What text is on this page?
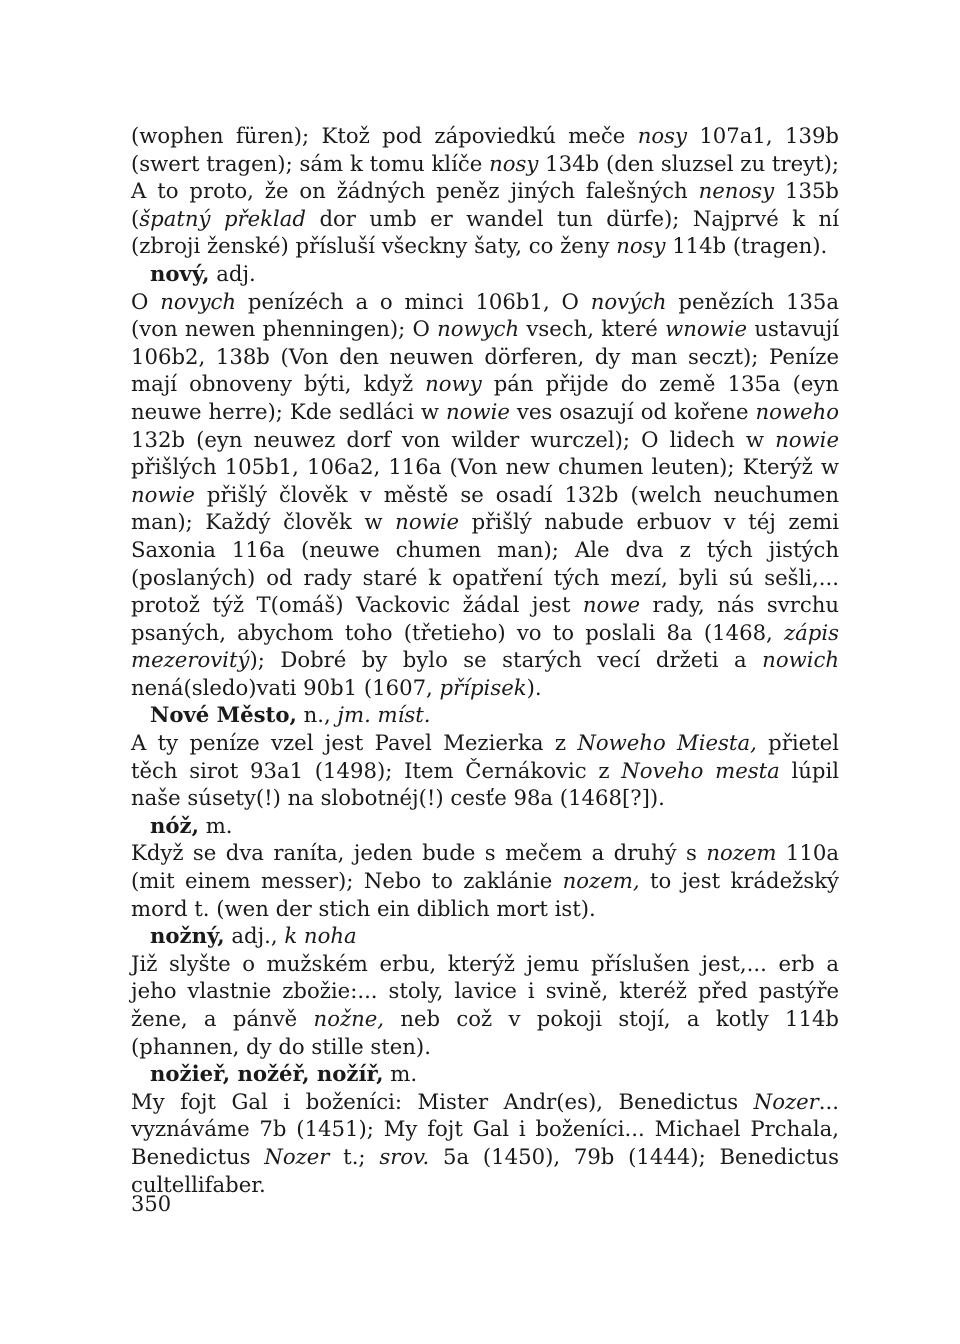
(wophen füren); Ktož pod zápoviedkú meče nosy 107a1, 139b (swert tragen); sám k tomu klíče nosy 134b (den sluzsel zu treyt); A to proto, že on žádných peněz jiných falešných nenosy 135b (špatný překlad dor umb er wandel tun dürfe); Najprvé k ní (zbroji ženské) přísluší všeckny šaty, co ženy nosy 114b (tragen).

nový, adj.

O novych penízéch a o minci 106b1, O nových penězích 135a (von newen phenningen); O nowych vsech, které wnowie ustavují 106b2, 138b (Von den neuwen dörferen, dy man seczt); Peníze mají obnoveny býti, když nowy pán přijde do země 135a (eyn neuwe herre); Kde sedláci w nowie ves osazují od kořene noweho 132b (eyn neuwez dorf von wilder wurczel); O lidech w nowie přišlých 105b1, 106a2, 116a (Von new chumen leuten); Kterýž w nowie přišlý člověk v městě se osadí 132b (welch neuchumen man); Každý člověk w nowie přišlý nabude erbuov v téj zemi Saxonia 116a (neuwe chumen man); Ale dva z tých jistých (poslaných) od rady staré k opatření tých mezí, byli sú sešli,... protož týž T(omáš) Vackovic žádal jest nowe rady, nás svrchu psaných, abychom toho (třetieho) vo to poslali 8a (1468, zápis mezerovitý); Dobré by bylo se starých vecí držeti a nowich nená(sledo)vati 90b1 (1607, přípisek).

Nové Město, n., jm. míst.

A ty peníze vzel jest Pavel Mezierka z Noweho Miesta, přietel těch sirot 93a1 (1498); Item Černákovic z Noveho mesta lúpil naše súsety(!) na slobotnéj(!) cesťe 98a (1468[?]).

nóž, m.

Když se dva raníta, jeden bude s mečem a druhý s nozem 110a (mit einem messer); Nebo to zaklánie nozem, to jest krádežský mord t. (wen der stich ein diblich mort ist).

nožný, adj., k noha

Již slyšte o mužském erbu, kterýž jemu příslušen jest,... erb a jeho vlastnie zbožie:... stoly, lavice i svině, kteréž před pastýře žene, a pánvě nožne, neb což v pokoji stojí, a kotly 114b (phannen, dy do stille sten).

nožieř, nožéř, nožíř, m.

My fojt Gal i boženíci: Mister Andr(es), Benedictus Nozer... vyznáváme 7b (1451); My fojt Gal i boženíci... Michael Prchala, Benedictus Nozer t.; srov. 5a (1450), 79b (1444); Benedictus cultellifaber.

350
